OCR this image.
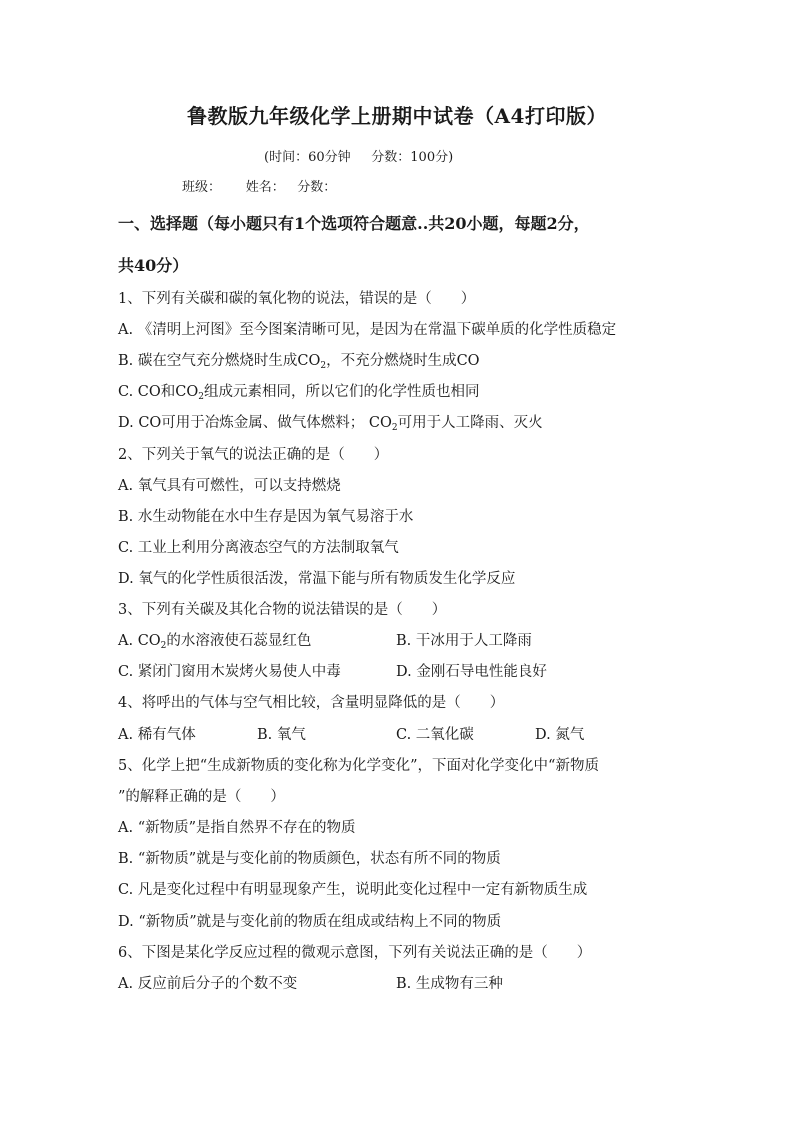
鲁教版九年级化学上册期中试卷（A4打印版）
(时间：60分钟     分数：100分)
班级：      姓名：   分数：
一、选择题（每小题只有1个选项符合题意..共20小题，每题2分，
共40分）
1、下列有关碳和碳的氧化物的说法，错误的是（　　）
A. 《清明上河图》至今图案清晰可见，是因为在常温下碳单质的化学性质稳定
B. 碳在空气充分燃烧时生成$CO_2$，不充分燃烧时生成CO
C. CO和$CO_2$组成元素相同，所以它们的化学性质也相同
D. CO可用于冶炼金属、做气体燃料； $CO_2$可用于人工降雨、灭火
2、下列关于氧气的说法正确的是（　　）
A. 氧气具有可燃性，可以支持燃烧
B. 水生动物能在水中生存是因为氧气易溶于水
C. 工业上利用分离液态空气的方法制取氧气
D. 氧气的化学性质很活泼，常温下能与所有物质发生化学反应
3、下列有关碳及其化合物的说法错误的是（　　）
A. $CO_2$的水溶液使石蕊显红色	B. 干冰用于人工降雨
C. 紧闭门窗用木炭烤火易使人中毒	D. 金刚石导电性能良好
4、将呼出的气体与空气相比较，含量明显降低的是（　　）
A. 稀有气体	B. 氧气	C. 二氧化碳	D. 氮气
5、化学上把“生成新物质的变化称为化学变化”，下面对化学变化中“新物质
”的解释正确的是（　　）
A. “新物质”是指自然界不存在的物质
B. “新物质”就是与变化前的物质颜色，状态有所不同的物质
C. 凡是变化过程中有明显现象产生，说明此变化过程中一定有新物质生成
D. “新物质”就是与变化前的物质在组成或结构上不同的物质
6、下图是某化学反应过程的微观示意图，下列有关说法正确的是（　　）
A. 反应前后分子的个数不变	B. 生成物有三种
